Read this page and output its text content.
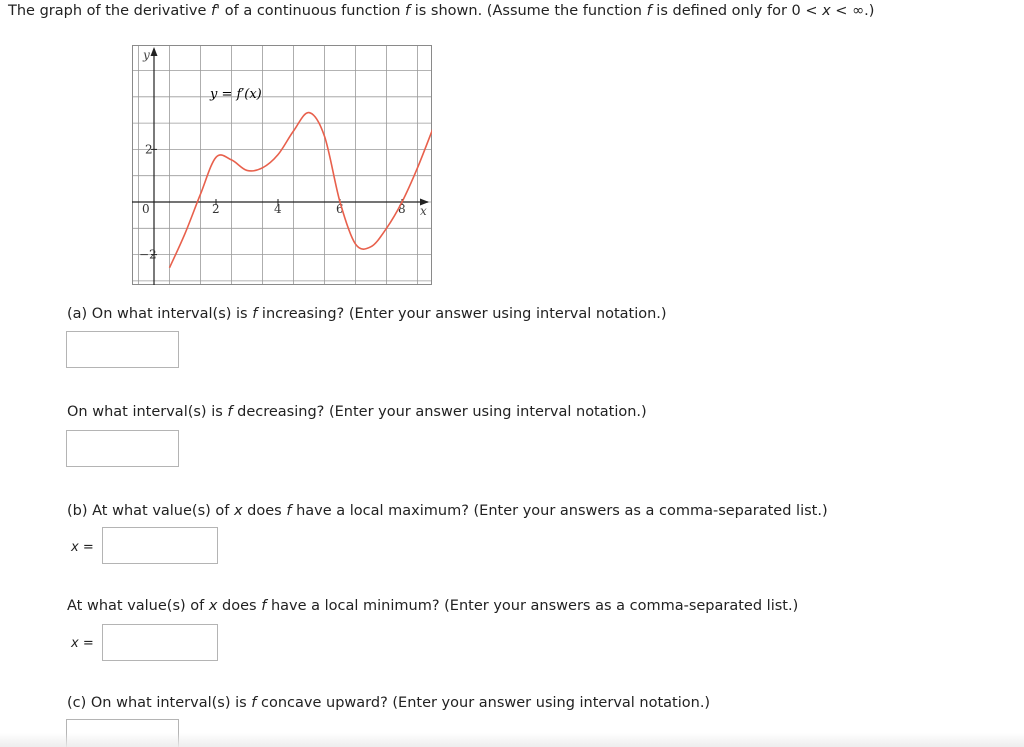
The graph of the derivative f' of a continuous function f is shown. (Assume the function f is defined only for 0 < x < ∞.)
y
x
2	4	6	8
2
0
−2
y = f′(x)
(a) On what interval(s) is f increasing? (Enter your answer using interval notation.)
On what interval(s) is f decreasing? (Enter your answer using interval notation.)
(b) At what value(s) of x does f have a local maximum? (Enter your answers as a comma-separated list.)
x =
At what value(s) of x does f have a local minimum? (Enter your answers as a comma-separated list.)
x =
(c) On what interval(s) is f concave upward? (Enter your answer using interval notation.)
